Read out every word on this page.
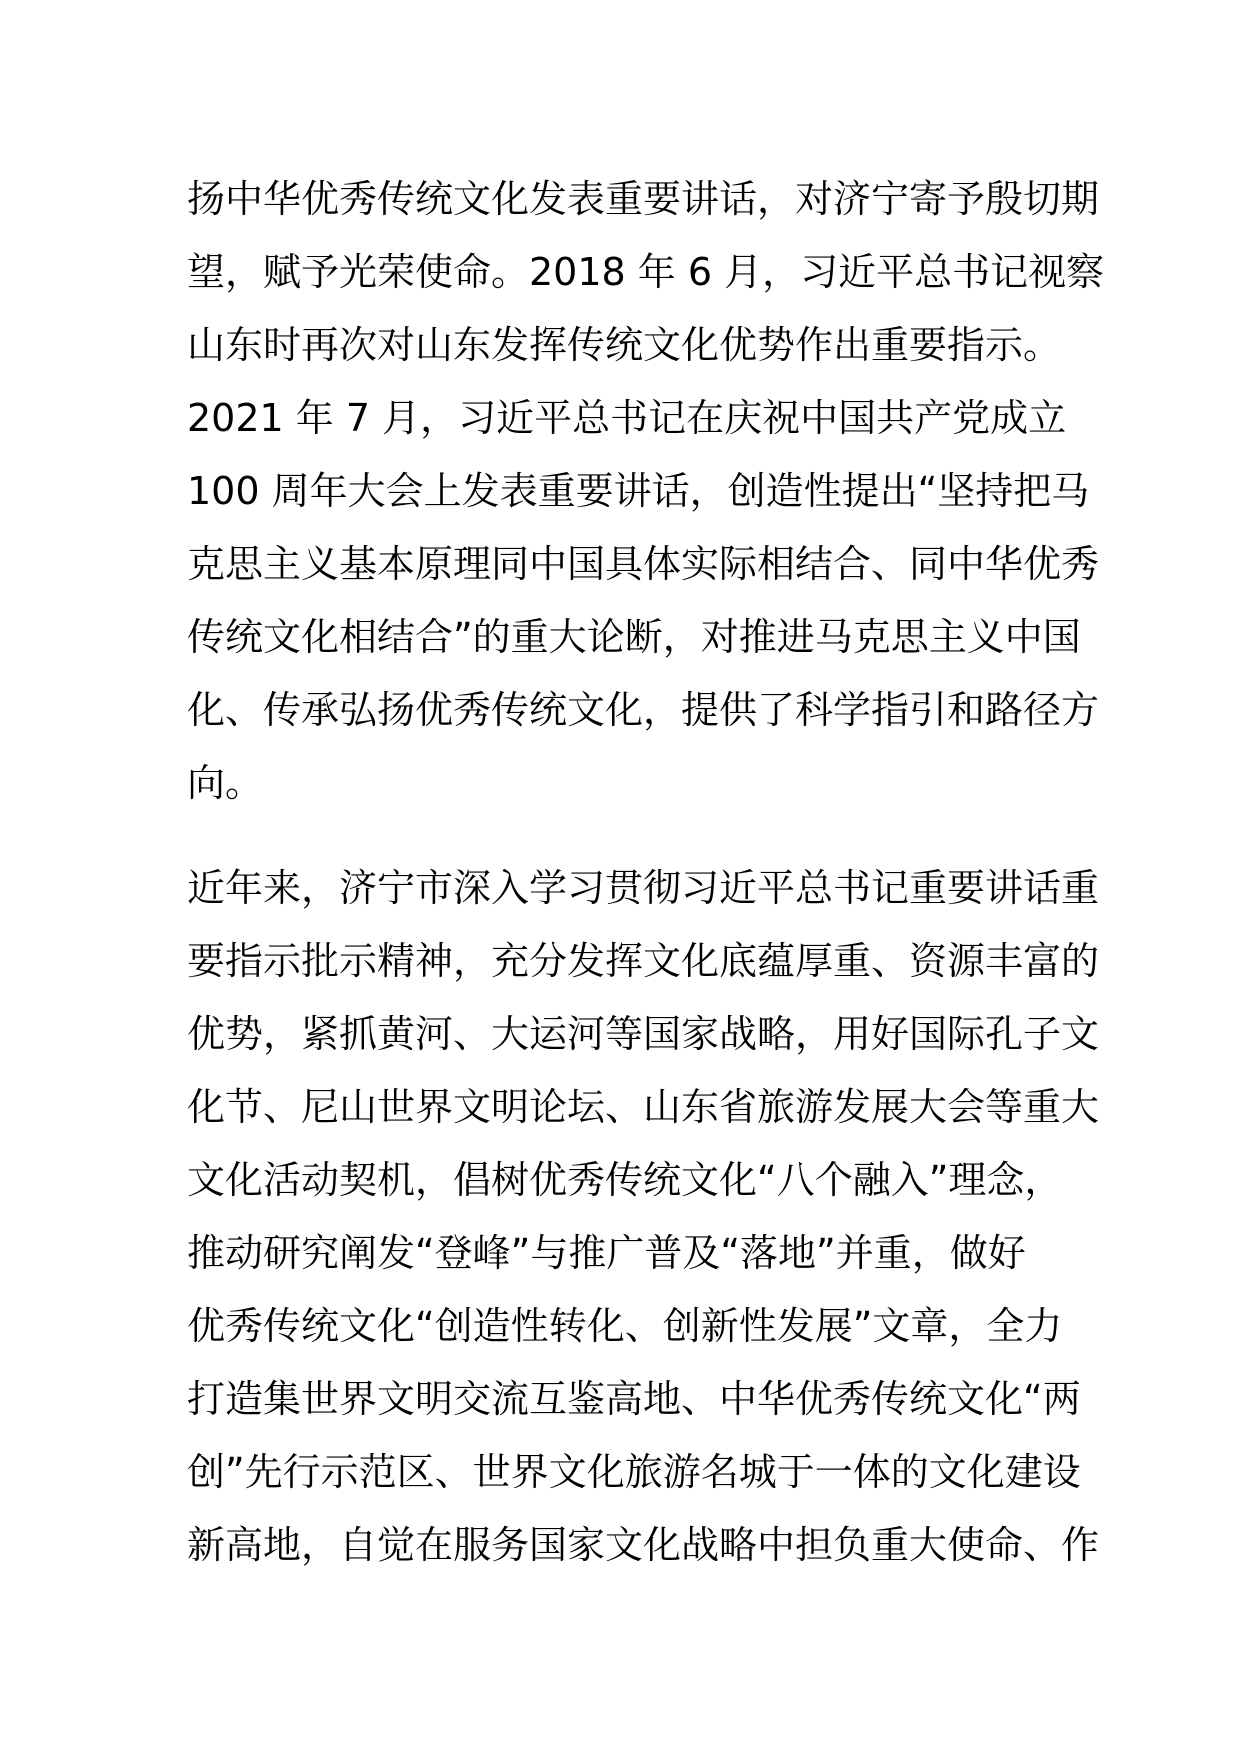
扬中华优秀传统文化发表重要讲话，对济宁寄予殷切期
望，赋予光荣使命。2018 年 6 月，习近平总书记视察
山东时再次对山东发挥传统文化优势作出重要指示。
2021 年 7 月，习近平总书记在庆祝中国共产党成立
100 周年大会上发表重要讲话，创造性提出“坚持把马
克思主义基本原理同中国具体实际相结合、同中华优秀
传统文化相结合”的重大论断，对推进马克思主义中国
化、传承弘扬优秀传统文化，提供了科学指引和路径方
向。
近年来，济宁市深入学习贯彻习近平总书记重要讲话重
要指示批示精神，充分发挥文化底蕴厚重、资源丰富的
优势，紧抓黄河、大运河等国家战略，用好国际孔子文
化节、尼山世界文明论坛、山东省旅游发展大会等重大
文化活动契机，倡树优秀传统文化“八个融入”理念，
推动研究阐发“登峰”与推广普及“落地”并重，做好
优秀传统文化“创造性转化、创新性发展”文章，全力
打造集世界文明交流互鉴高地、中华优秀传统文化“两
创”先行示范区、世界文化旅游名城于一体的文化建设
新高地，自觉在服务国家文化战略中担负重大使命、作
